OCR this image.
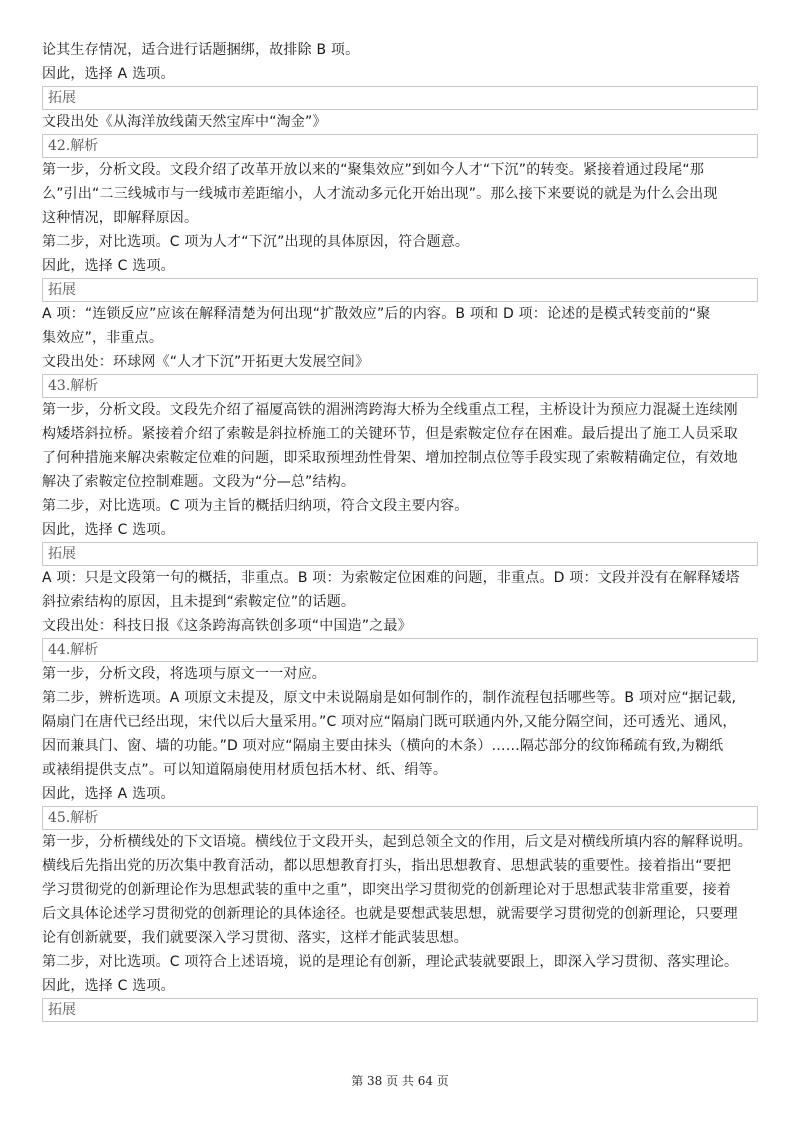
论其生存情况，适合进行话题捆绑，故排除 B 项。
因此，选择 A 选项。
拓展
文段出处《从海洋放线菌天然宝库中“淘金”》
42.解析
第一步，分析文段。文段介绍了改革开放以来的“聚集效应”到如今人才“下沉”的转变。紧接着通过段尾“那
么”引出“二三线城市与一线城市差距缩小，人才流动多元化开始出现”。那么接下来要说的就是为什么会出现
这种情况，即解释原因。
第二步，对比选项。C 项为人才“下沉”出现的具体原因，符合题意。
因此，选择 C 选项。
拓展
A 项：“连锁反应”应该在解释清楚为何出现“扩散效应”后的内容。B 项和 D 项：论述的是模式转变前的“聚
集效应”，非重点。
文段出处：环球网《“人才下沉”开拓更大发展空间》
43.解析
第一步，分析文段。文段先介绍了福厦高铁的湄洲湾跨海大桥为全线重点工程，主桥设计为预应力混凝土连续刚
构矮塔斜拉桥。紧接着介绍了索鞍是斜拉桥施工的关键环节，但是索鞍定位存在困难。最后提出了施工人员采取
了何种措施来解决索鞍定位难的问题，即采取预埋劲性骨架、增加控制点位等手段实现了索鞍精确定位，有效地
解决了索鞍定位控制难题。文段为“分—总”结构。
第二步，对比选项。C 项为主旨的概括归纳项，符合文段主要内容。
因此，选择 C 选项。
拓展
A 项：只是文段第一句的概括，非重点。B 项：为索鞍定位困难的问题，非重点。D 项：文段并没有在解释矮塔
斜拉索结构的原因，且未提到“索鞍定位”的话题。
文段出处：科技日报《这条跨海高铁创多项“中国造”之最》
44.解析
第一步，分析文段，将选项与原文一一对应。
第二步，辨析选项。A 项原文未提及，原文中未说隔扇是如何制作的，制作流程包括哪些等。B 项对应“据记载,
隔扇门在唐代已经出现，宋代以后大量采用。”C 项对应“隔扇门既可联通内外,又能分隔空间，还可透光、通风，
因而兼具门、窗、墙的功能。”D 项对应“隔扇主要由抹头（横向的木条）……隔芯部分的纹饰稀疏有致,为糊纸
或裱绢提供支点”。可以知道隔扇使用材质包括木材、纸、绢等。
因此，选择 A 选项。
45.解析
第一步，分析横线处的下文语境。横线位于文段开头，起到总领全文的作用，后文是对横线所填内容的解释说明。
横线后先指出党的历次集中教育活动，都以思想教育打头，指出思想教育、思想武装的重要性。接着指出“要把
学习贯彻党的创新理论作为思想武装的重中之重”，即突出学习贯彻党的创新理论对于思想武装非常重要，接着
后文具体论述学习贯彻党的创新理论的具体途径。也就是要想武装思想，就需要学习贯彻党的创新理论，只要理
论有创新就要，我们就要深入学习贯彻、落实，这样才能武装思想。
第二步，对比选项。C 项符合上述语境，说的是理论有创新，理论武装就要跟上，即深入学习贯彻、落实理论。
因此，选择 C 选项。
拓展
第 38 页 共 64 页
